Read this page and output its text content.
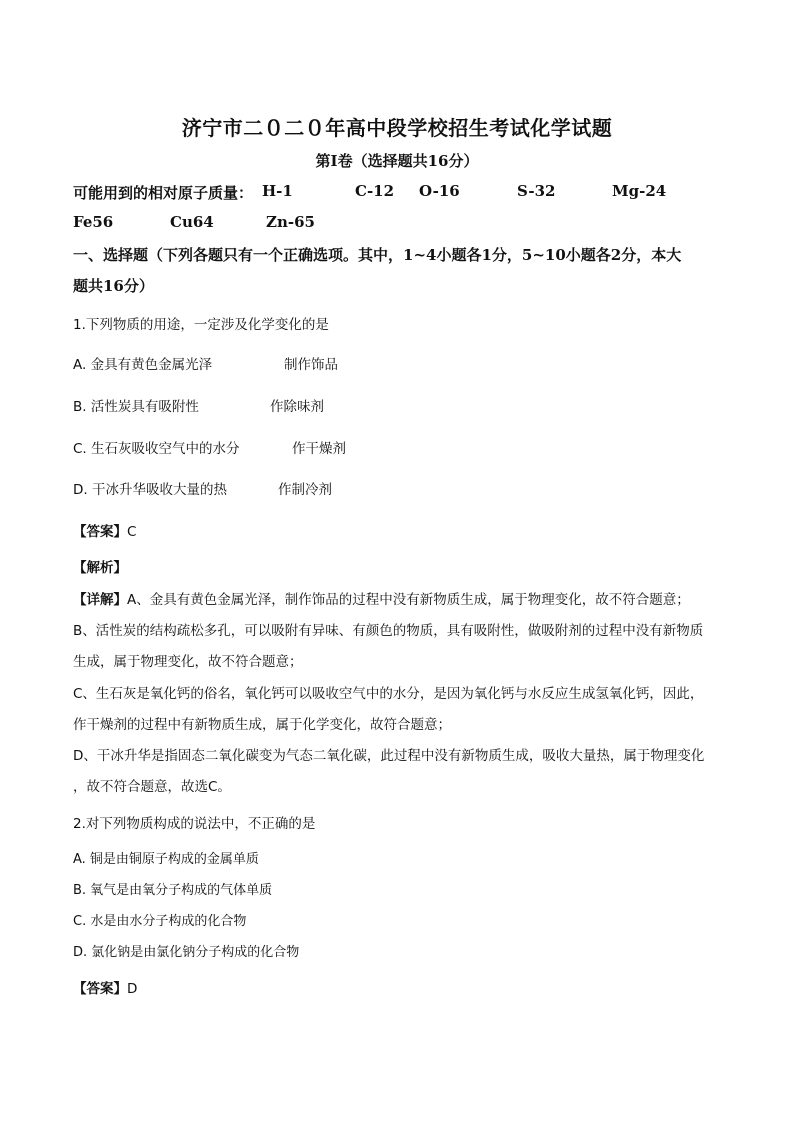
济宁市二０二０年高中段学校招生考试化学试题
第Ⅰ卷（选择题共16分）
可能用到的相对原子质量： H-1	C-12 O-16	S-32	Mg-24
Fe56	Cu64	Zn-65
一、选择题（下列各题只有一个正确选项。其中，1~4小题各1分，5~10小题各2分，本大
题共16分）
1.下列物质的用途，一定涉及化学变化的是
A. 金具有黄色金属光泽	制作饰品
B. 活性炭具有吸附性	作除味剂
C. 生石灰吸收空气中的水分	作干燥剂
D. 干冰升华吸收大量的热	作制冷剂
【答案】C
【解析】
【详解】A、金具有黄色金属光泽，制作饰品的过程中没有新物质生成，属于物理变化，故不符合题意；
B、活性炭的结构疏松多孔，可以吸附有异味、有颜色的物质，具有吸附性，做吸附剂的过程中没有新物质
生成，属于物理变化，故不符合题意；
C、生石灰是氧化钙的俗名，氧化钙可以吸收空气中的水分，是因为氧化钙与水反应生成氢氧化钙，因此，
作干燥剂的过程中有新物质生成，属于化学变化，故符合题意；
D、干冰升华是指固态二氧化碳变为气态二氧化碳，此过程中没有新物质生成，吸收大量热，属于物理变化
，故不符合题意，故选C。
2.对下列物质构成的说法中，不正确的是
A. 铜是由铜原子构成的金属单质
B. 氧气是由氧分子构成的气体单质
C. 水是由水分子构成的化合物
D. 氯化钠是由氯化钠分子构成的化合物
【答案】D
